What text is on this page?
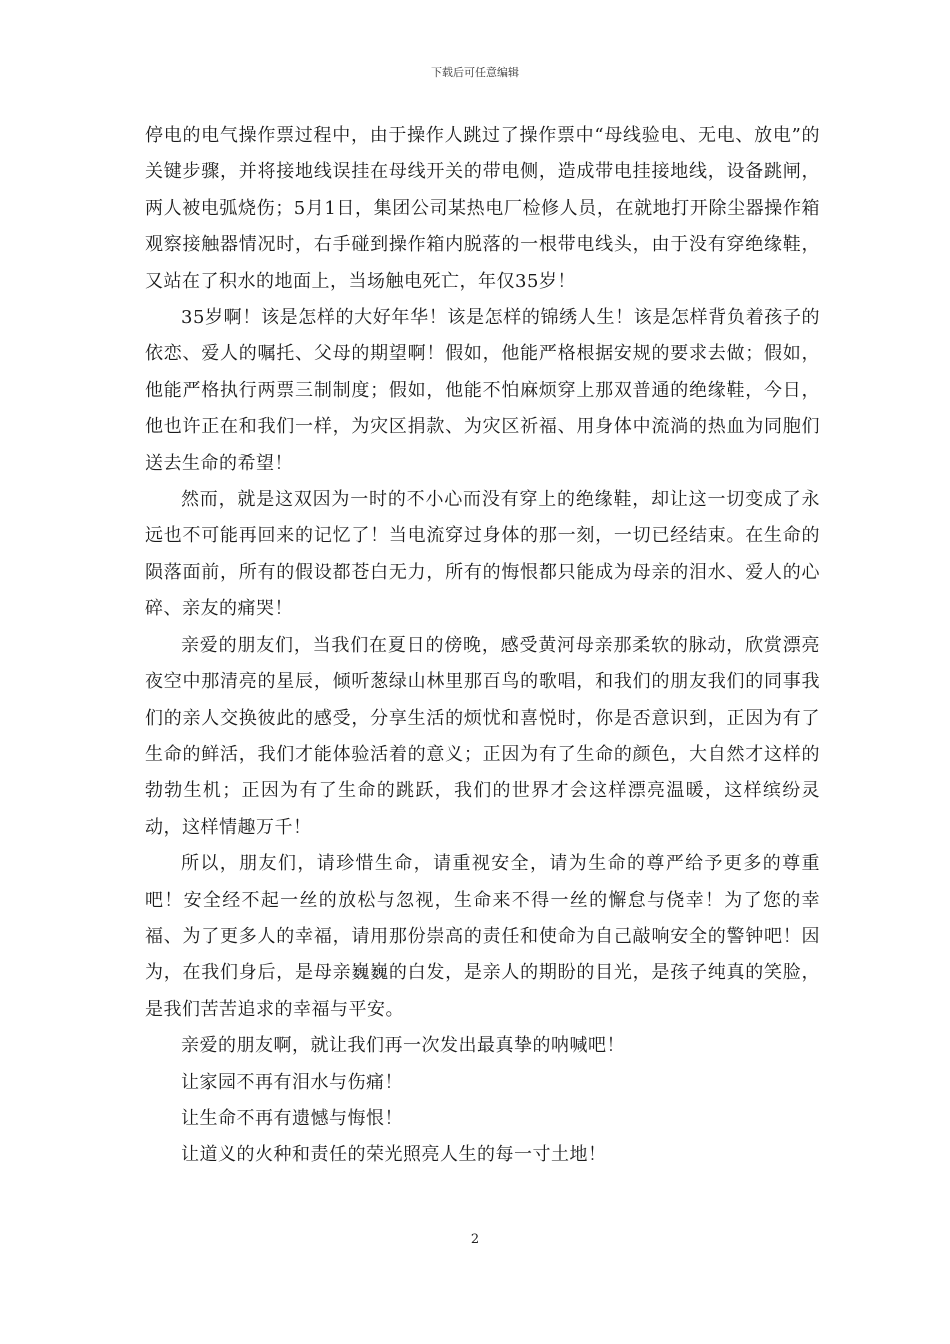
下载后可任意编辑

停电的电气操作票过程中，由于操作人跳过了操作票中“母线验电、无电、放电”的关键步骤，并将接地线误挂在母线开关的带电侧，造成带电挂接地线，设备跳闸，两人被电弧烧伤；5月1日，集团公司某热电厂检修人员，在就地打开除尘器操作箱观察接触器情况时，右手碰到操作箱内脱落的一根带电线头，由于没有穿绝缘鞋，又站在了积水的地面上，当场触电死亡，年仅35岁！

35岁啊！该是怎样的大好年华！该是怎样的锦绣人生！该是怎样背负着孩子的依恋、爱人的嘱托、父母的期望啊！假如，他能严格根据安规的要求去做；假如，他能严格执行两票三制制度；假如，他能不怕麻烦穿上那双普通的绝缘鞋，今日，他也许正在和我们一样，为灾区捐款、为灾区祈福、用身体中流淌的热血为同胞们送去生命的希望！

然而，就是这双因为一时的不小心而没有穿上的绝缘鞋，却让这一切变成了永远也不可能再回来的记忆了！当电流穿过身体的那一刻，一切已经结束。在生命的陨落面前，所有的假设都苍白无力，所有的悔恨都只能成为母亲的泪水、爱人的心碎、亲友的痛哭！

亲爱的朋友们，当我们在夏日的傍晚，感受黄河母亲那柔软的脉动，欣赏漂亮夜空中那清亮的星辰，倾听葱绿山林里那百鸟的歌唱，和我们的朋友我们的同事我们的亲人交换彼此的感受，分享生活的烦忧和喜悦时，你是否意识到，正因为有了生命的鲜活，我们才能体验活着的意义；正因为有了生命的颜色，大自然才这样的勃勃生机；正因为有了生命的跳跃，我们的世界才会这样漂亮温暖，这样缤纷灵动，这样情趣万千！

所以，朋友们，请珍惜生命，请重视安全，请为生命的尊严给予更多的尊重吧！安全经不起一丝的放松与忽视，生命来不得一丝的懈怠与侥幸！为了您的幸福、为了更多人的幸福，请用那份崇高的责任和使命为自己敲响安全的警钟吧！因为，在我们身后，是母亲巍巍的白发，是亲人的期盼的目光，是孩子纯真的笑脸，是我们苦苦追求的幸福与平安。

亲爱的朋友啊，就让我们再一次发出最真挚的呐喊吧！

让家园不再有泪水与伤痛！

让生命不再有遗憾与悔恨！

让道义的火种和责任的荣光照亮人生的每一寸土地！

2
